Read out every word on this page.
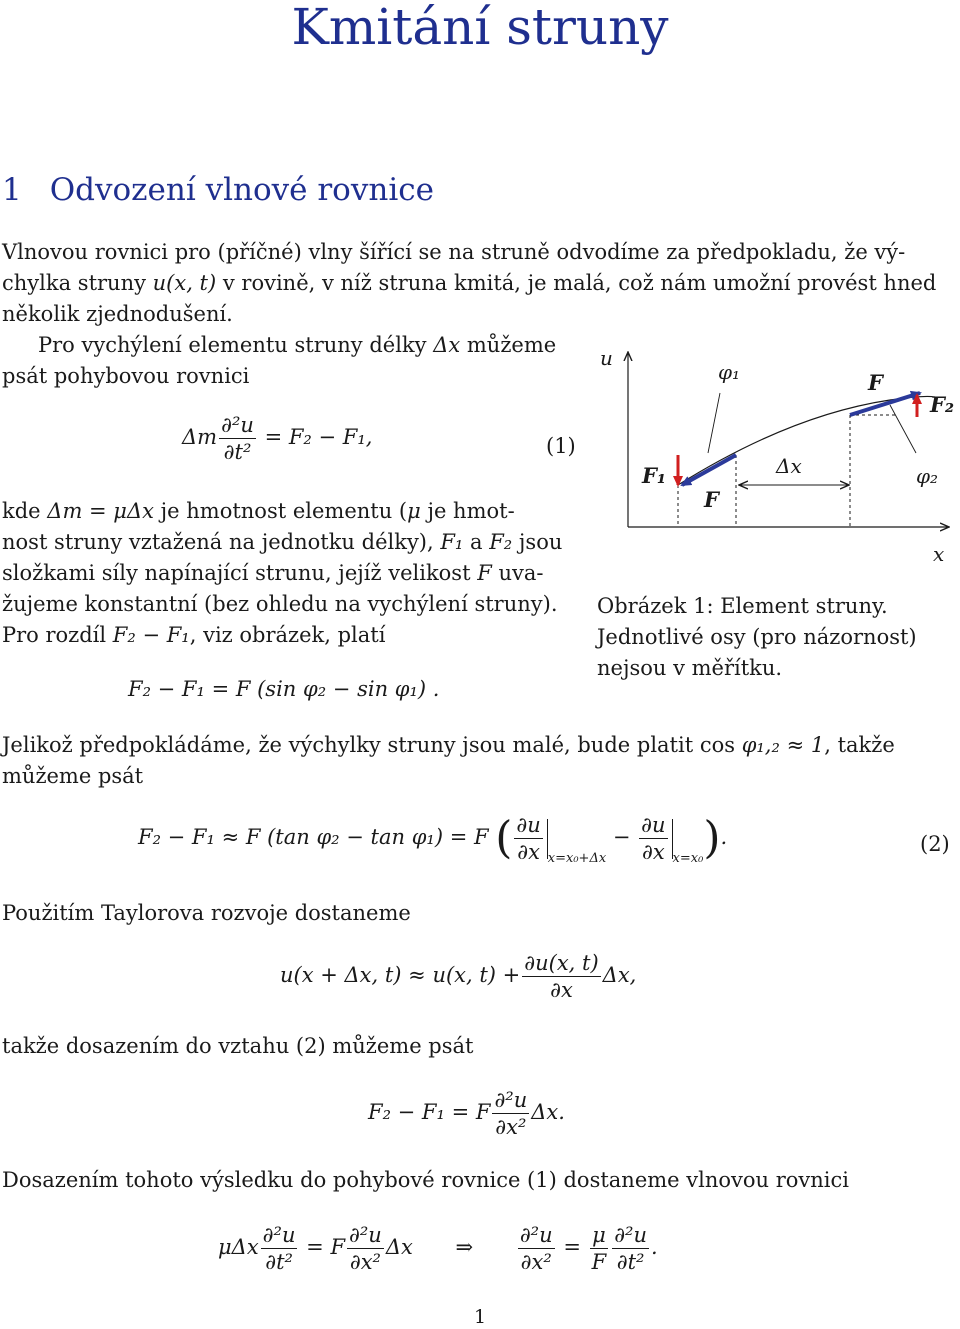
Kmitání struny
1 Odvození vlnové rovnice
Vlnovou rovnici pro (příčné) vlny šířící se na struně odvodíme za předpokladu, že vý-
chylka struny u(x, t) v rovině, v níž struna kmitá, je malá, což nám umožní provést hned
několik zjednodušení.
Pro vychýlení elementu struny délky Δx můžeme
psát pohybovou rovnici
Δm $\frac{\text{∂²u}}{\text{∂t²}} = F_2 - F_1$,	(1)
kde Δm = μΔx je hmotnost elementu (μ je hmot-
nost struny vztažená na jednotku délky), F₁ a F₂ jsou
složkami síly napínající strunu, jejíž velikost F uva-
žujeme konstantní (bez ohledu na vychýlení struny).
Pro rozdíl F₂ − F₁, viz obrázek, platí
F₂ − F₁ = F (sin φ₂ − sin φ₁) .
u
x
φ₁
φ₂
F
F₂
F₁
F
Δx
Obrázek 1: Element struny.
Jednotlivé osy (pro názornost)
nejsou v měřítku.
Jelikož předpokládáme, že výchylky struny jsou malé, bude platit cos φ₁,₂ ≈ 1, takže
můžeme psát
F₂ − F₁ ≈ F (tan φ₂ − tan φ₁) = F ( $\frac{\partial u}{\partial x} _{x=x_0+\Delta x} - \frac{\partial u}{\partial x} _{x=x_0}$).	(2)
Použitím Taylorova rozvoje dostaneme
u(x + Δx, t) ≈ u(x, $t) + \frac{\partial u(x, t)}{\partial x} \Delta x$,
takže dosazením do vztahu (2) můžeme psát
F₂ − F₁ = F $\frac{\text{∂²u}}{\text{∂x²}} \Delta x$.
Dosazením tohoto výsledku do pohybové rovnice (1) dostaneme vlnovou rovnici
μΔx $\frac{\text{∂²u}}{\text{∂t²}} = F \frac{\text{∂²u}}{\text{∂x²}}$ Δx ⇒ $\frac{\text{∂²u}}{\text{∂x²}} = \frac{\mu}{F} \frac{\text{∂²u}}{\text{∂t²}}$ .
1
